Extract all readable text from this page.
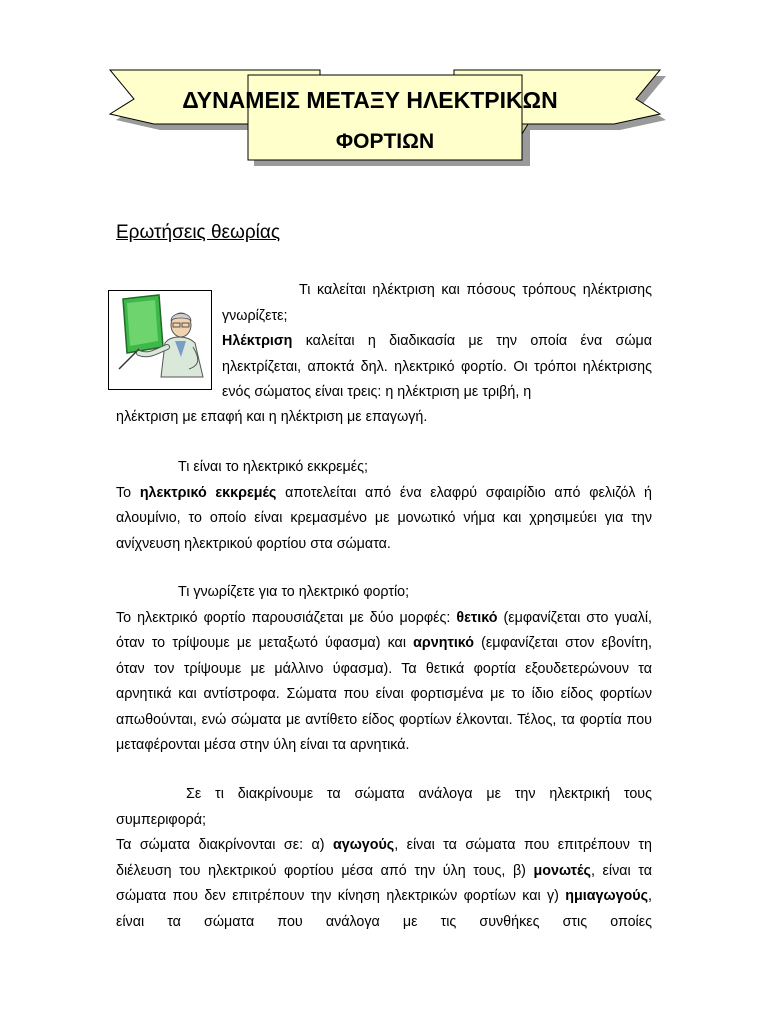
ΔΥΝΑΜΕΙΣ ΜΕΤΑΞΥ ΗΛΕΚΤΡΙΚΩΝ
ΦΟΡΤΙΩΝ
Ερωτήσεις θεωρίας

Τι καλείται ηλέκτριση και πόσους τρόπους ηλέκτρισης γνωρίζετε;

Ηλέκτριση καλείται η διαδικασία με την οποία ένα σώμα ηλεκτρίζεται, αποκτά δηλ. ηλεκτρικό φορτίο. Οι τρόποι ηλέκτρισης ενός σώματος είναι τρεις: η ηλέκτριση με τριβή, η

ηλέκτριση με επαφή και η ηλέκτριση με επαγωγή.

Τι είναι το ηλεκτρικό εκκρεμές;

Το ηλεκτρικό εκκρεμές αποτελείται από ένα ελαφρύ σφαιρίδιο από φελιζόλ ή αλουμίνιο, το οποίο είναι κρεμασμένο με μονωτικό νήμα και χρησιμεύει για την ανίχνευση ηλεκτρικού φορτίου στα σώματα.

Τι γνωρίζετε για το ηλεκτρικό φορτίο;

Το ηλεκτρικό φορτίο παρουσιάζεται με δύο μορφές: θετικό (εμφανίζεται στο γυαλί, όταν το τρίψουμε με μεταξωτό ύφασμα) και αρνητικό (εμφανίζεται στον εβονίτη, όταν τον τρίψουμε με μάλλινο ύφασμα). Τα θετικά φορτία εξουδετερώνουν τα αρνητικά και αντίστροφα. Σώματα που είναι φορτισμένα με το ίδιο είδος φορτίων απωθούνται, ενώ σώματα με αντίθετο είδος φορτίων έλκονται. Τέλος, τα φορτία που μεταφέρονται μέσα στην ύλη είναι τα αρνητικά.

Σε τι διακρίνουμε τα σώματα ανάλογα με την ηλεκτρική τους συμπεριφορά;

Τα σώματα διακρίνονται σε: α) αγωγούς, είναι τα σώματα που επιτρέπουν τη διέλευση του ηλεκτρικού φορτίου μέσα από την ύλη τους, β) μονωτές, είναι τα σώματα που δεν επιτρέπουν την κίνηση ηλεκτρικών φορτίων και γ) ημιαγωγούς, είναι τα σώματα που ανάλογα με τις συνθήκες στις οποίες
